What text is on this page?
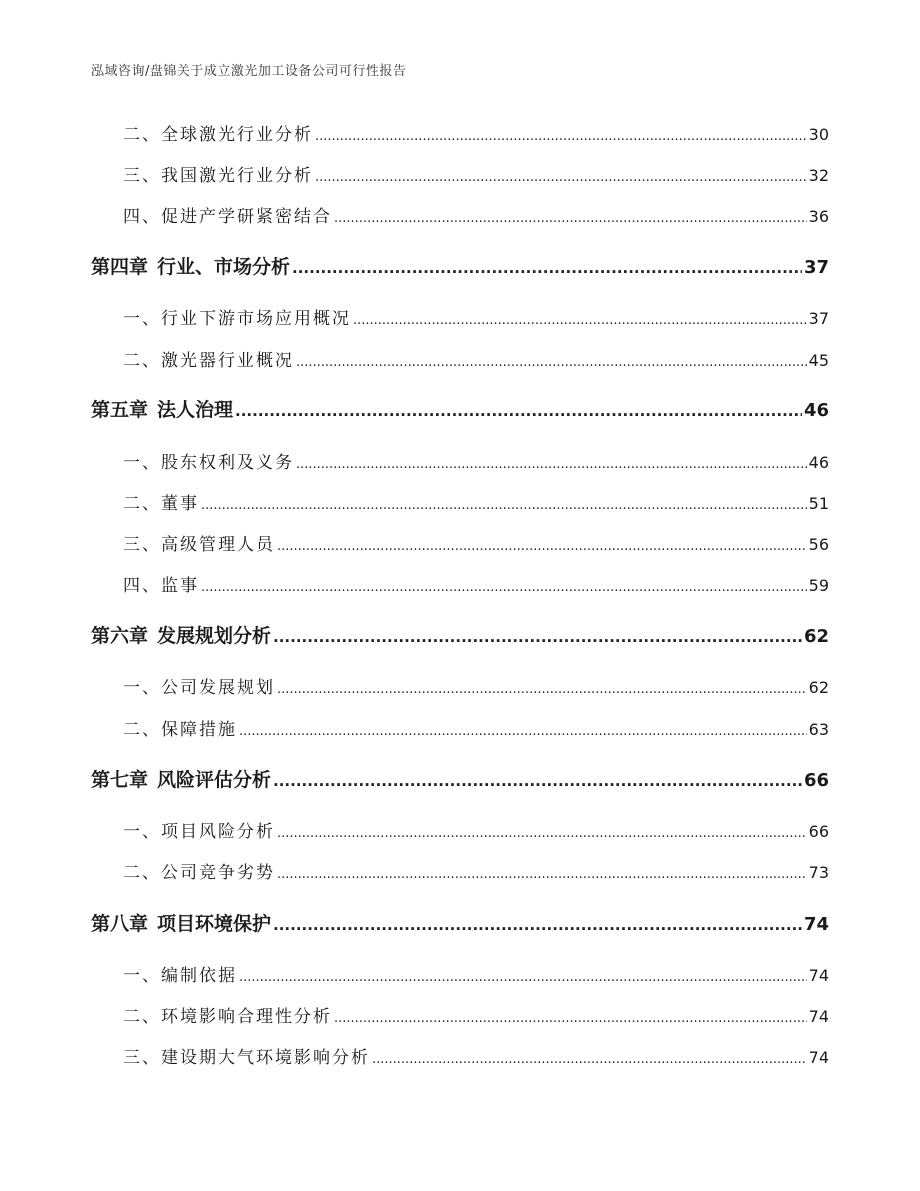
泓域咨询/盘锦关于成立激光加工设备公司可行性报告
二、 全球激光行业分析 .....	30
三、 我国激光行业分析 .....	32
四、 促进产学研紧密结合 .....	36
第四章 行业、市场分析 .....	37
一、 行业下游市场应用概况 .....	37
二、 激光器行业概况 .....	45
第五章 法人治理 .....	46
一、 股东权利及义务 .....	46
二、 董事 .....	51
三、 高级管理人员 .....	56
四、 监事 .....	59
第六章 发展规划分析 .....	62
一、 公司发展规划 .....	62
二、 保障措施 .....	63
第七章 风险评估分析 .....	66
一、 项目风险分析 .....	66
二、 公司竞争劣势 .....	73
第八章 项目环境保护 .....	74
一、 编制依据 .....	74
二、 环境影响合理性分析 .....	74
三、 建设期大气环境影响分析 .....	74
